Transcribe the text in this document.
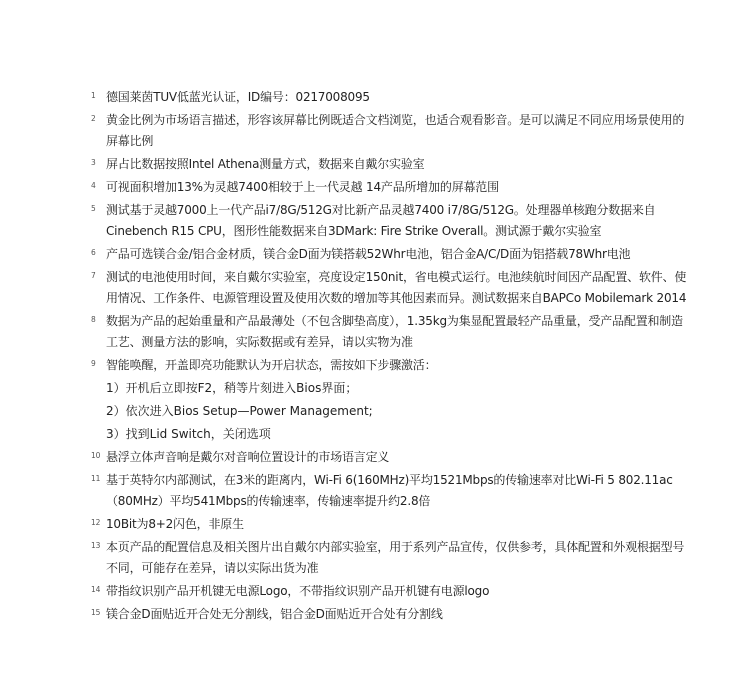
1 德国莱茵TUV低蓝光认证，ID编号：0217008095
2 黄金比例为市场语言描述，形容该屏幕比例既适合文档浏览，也适合观看影音。是可以满足不同应用场景使用的屏幕比例
3 屏占比数据按照Intel Athena测量方式，数据来自戴尔实验室
4 可视面积增加13%为灵越7400相较于上一代灵越 14产品所增加的屏幕范围
5 测试基于灵越7000上一代产品i7/8G/512G对比新产品灵越7400 i7/8G/512G。处理器单核跑分数据来自Cinebench R15 CPU，图形性能数据来自3DMark: Fire Strike Overall。测试源于戴尔实验室
6 产品可选镁合金/铝合金材质，镁合金D面为镁搭载52Whr电池，铝合金A/C/D面为铝搭载78Whr电池
7 测试的电池使用时间，来自戴尔实验室，亮度设定150nit，省电模式运行。电池续航时间因产品配置、软件、使用情况、工作条件、电源管理设置及使用次数的增加等其他因素而异。测试数据来自BAPCo Mobilemark 2014
8 数据为产品的起始重量和产品最薄处（不包含脚垫高度），1.35kg为集显配置最轻产品重量，受产品配置和制造工艺、测量方法的影响，实际数据或有差异，请以实物为准
9 智能唤醒，开盖即亮功能默认为开启状态，需按如下步骤激活：
1）开机后立即按F2，稍等片刻进入Bios界面；
2）依次进入Bios Setup—Power Management;
3）找到Lid Switch，关闭选项
10 悬浮立体声音响是戴尔对音响位置设计的市场语言定义
11 基于英特尔内部测试，在3米的距离内，Wi-Fi 6(160MHz)平均1521Mbps的传输速率对比Wi-Fi 5 802.11ac（80MHz）平均541Mbps的传输速率，传输速率提升约2.8倍
12 10Bit为8+2闪色，非原生
13 本页产品的配置信息及相关图片出自戴尔内部实验室，用于系列产品宣传，仅供参考，具体配置和外观根据型号不同，可能存在差异，请以实际出货为准
14 带指纹识别产品开机键无电源Logo，不带指纹识别产品开机键有电源logo
15 镁合金D面贴近开合处无分割线，铝合金D面贴近开合处有分割线
